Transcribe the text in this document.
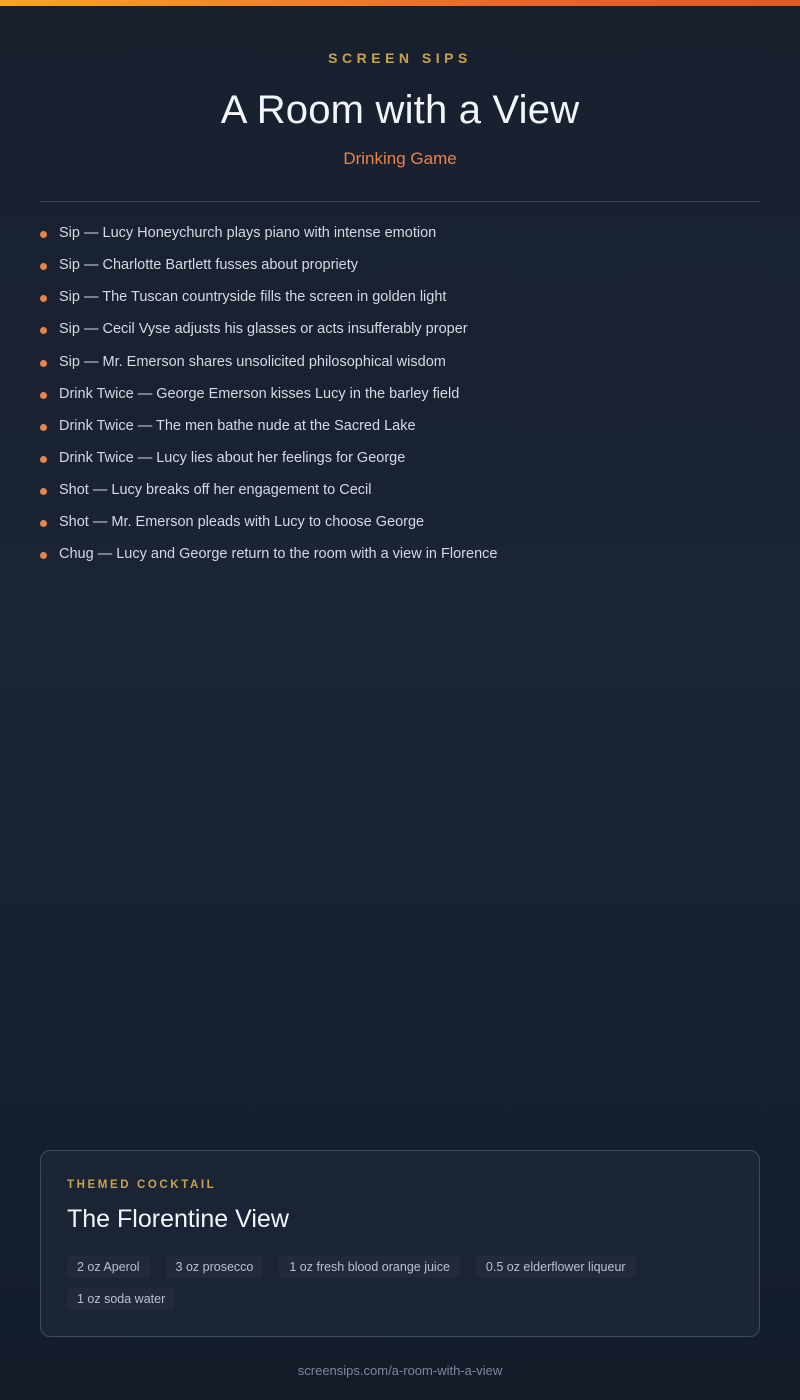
SCREEN SIPS
A Room with a View
Drinking Game
Sip — Lucy Honeychurch plays piano with intense emotion
Sip — Charlotte Bartlett fusses about propriety
Sip — The Tuscan countryside fills the screen in golden light
Sip — Cecil Vyse adjusts his glasses or acts insufferably proper
Sip — Mr. Emerson shares unsolicited philosophical wisdom
Drink Twice — George Emerson kisses Lucy in the barley field
Drink Twice — The men bathe nude at the Sacred Lake
Drink Twice — Lucy lies about her feelings for George
Shot — Lucy breaks off her engagement to Cecil
Shot — Mr. Emerson pleads with Lucy to choose George
Chug — Lucy and George return to the room with a view in Florence
THEMED COCKTAIL
The Florentine View
2 oz Aperol	3 oz prosecco	1 oz fresh blood orange juice	0.5 oz elderflower liqueur
1 oz soda water
screensips.com/a-room-with-a-view
